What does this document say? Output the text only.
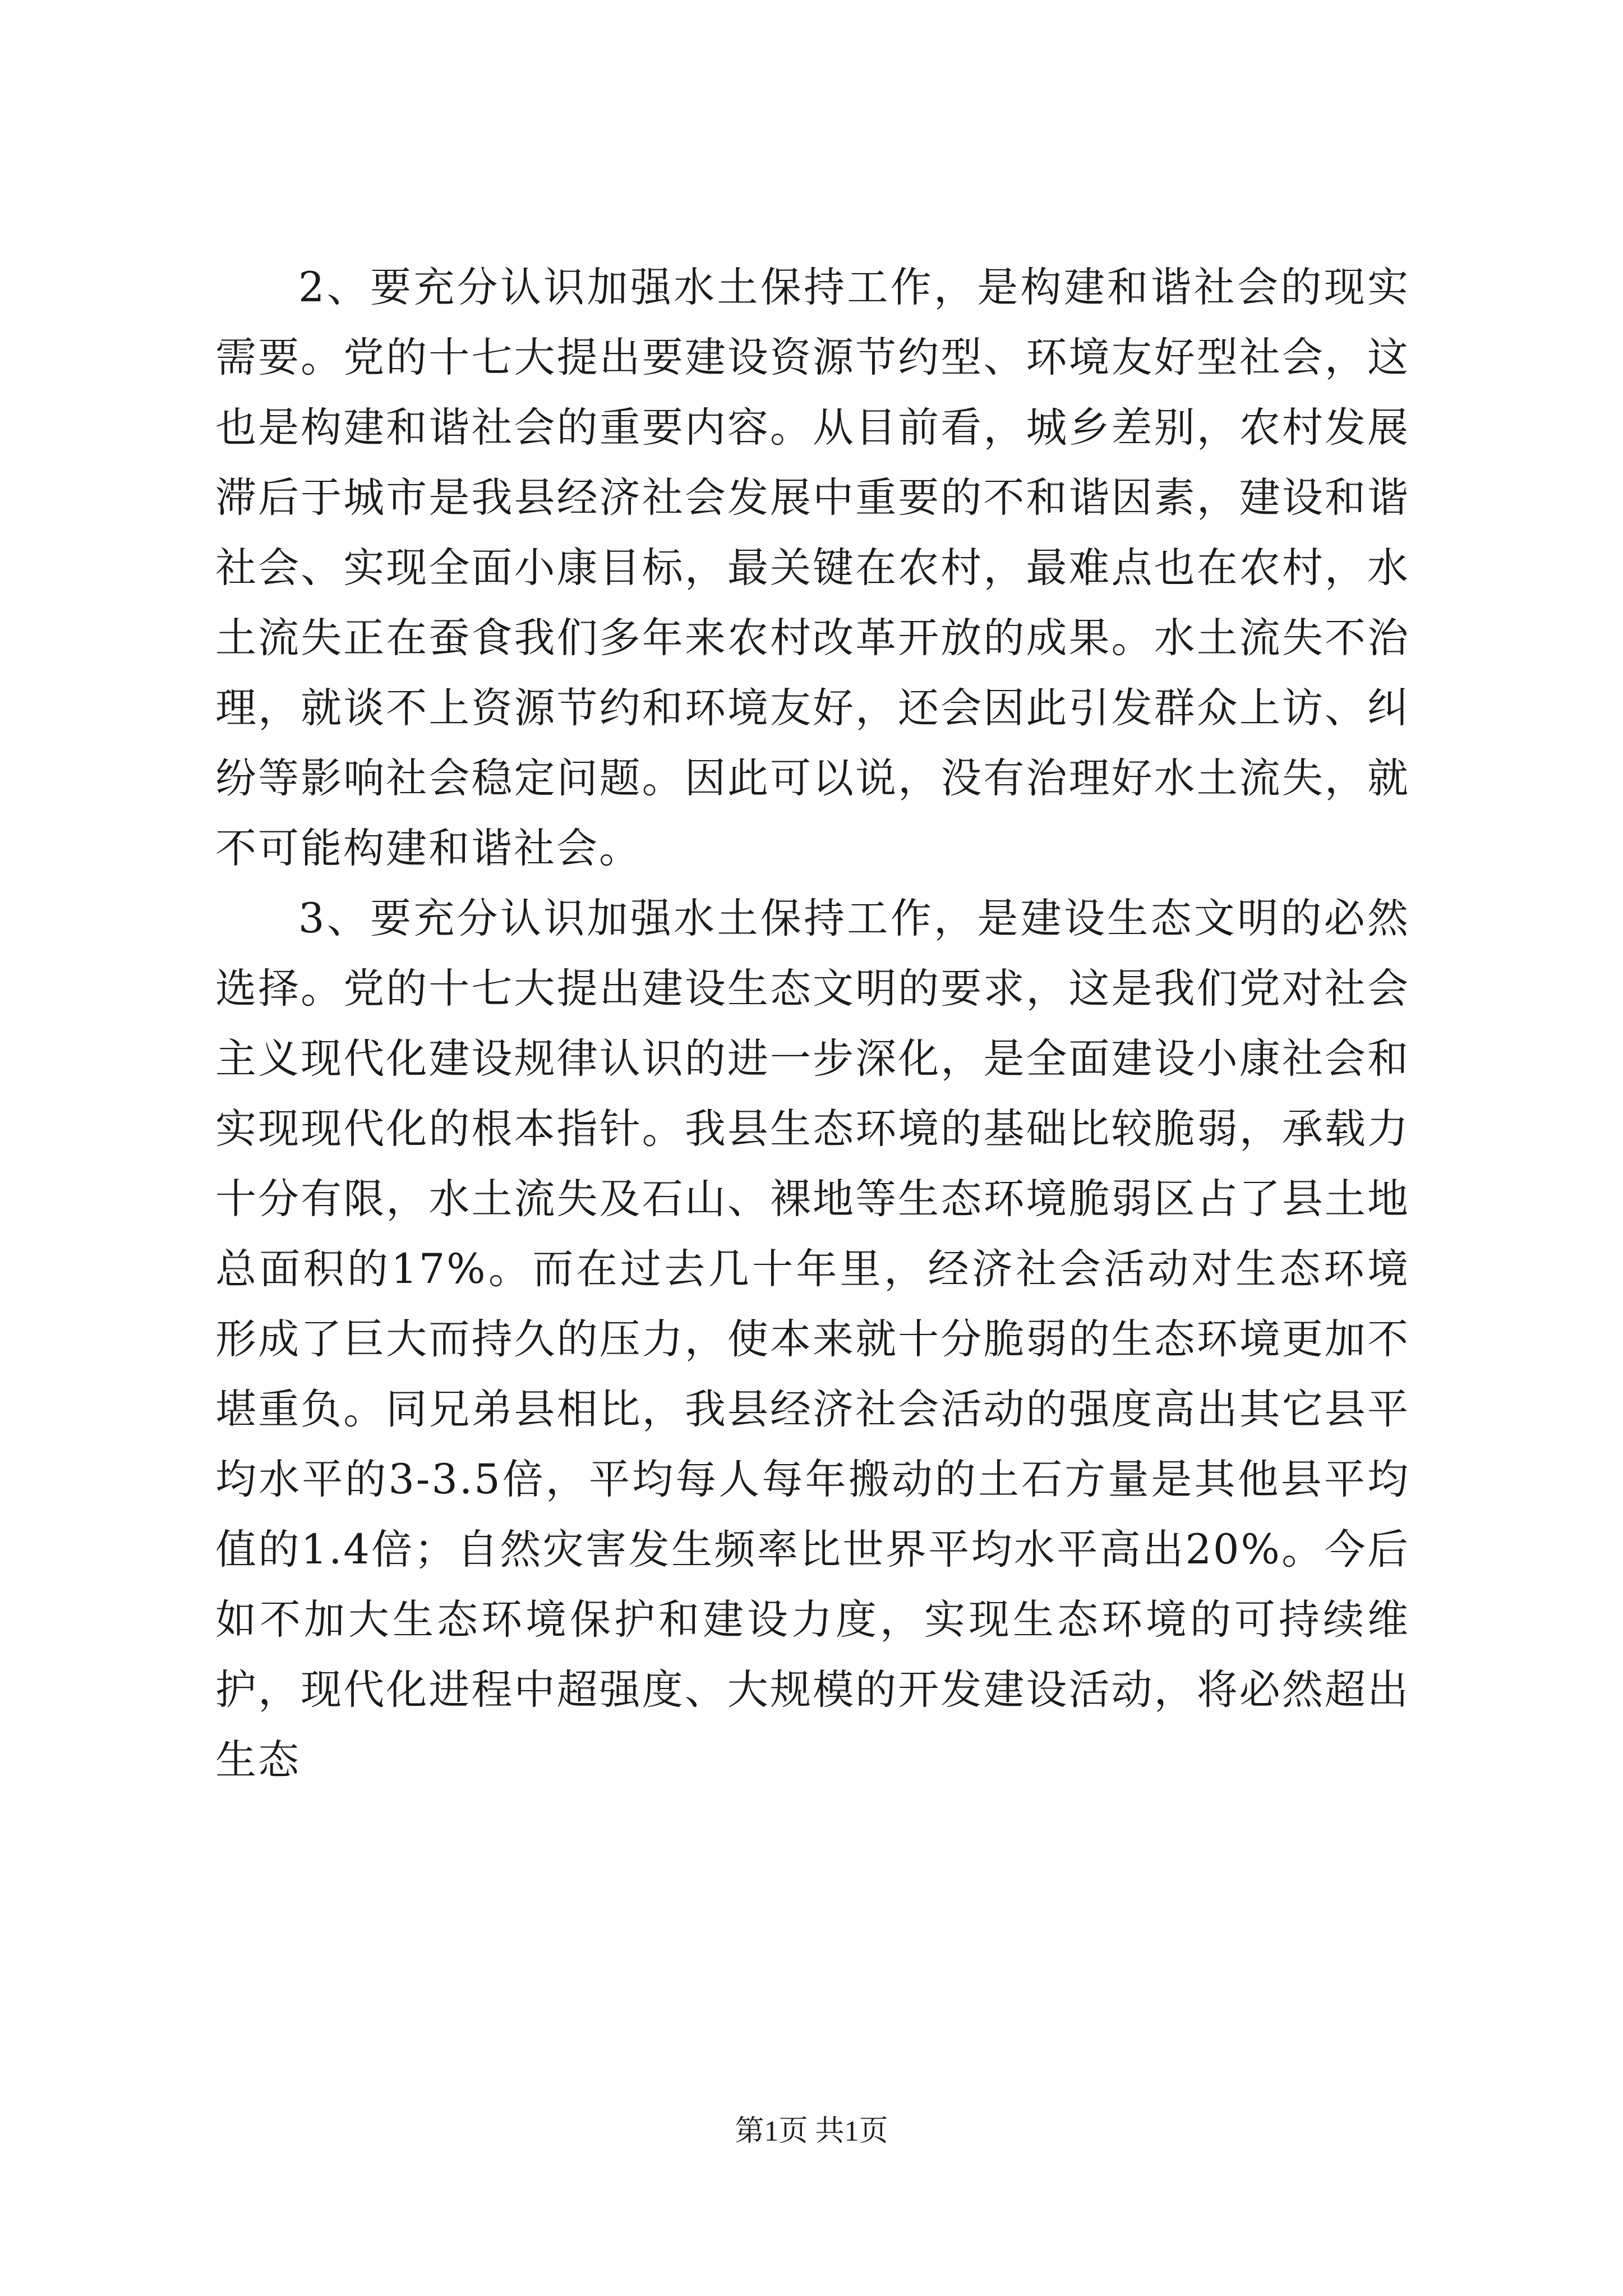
2、要充分认识加强水土保持工作，是构建和谐社会的现实需要。党的十七大提出要建设资源节约型、环境友好型社会，这也是构建和谐社会的重要内容。从目前看，城乡差别，农村发展滞后于城市是我县经济社会发展中重要的不和谐因素，建设和谐社会、实现全面小康目标，最关键在农村，最难点也在农村，水土流失正在蚕食我们多年来农村改革开放的成果。水土流失不治理，就谈不上资源节约和环境友好，还会因此引发群众上访、纠纷等影响社会稳定问题。因此可以说，没有治理好水土流失，就不可能构建和谐社会。

3、要充分认识加强水土保持工作，是建设生态文明的必然选择。党的十七大提出建设生态文明的要求，这是我们党对社会主义现代化建设规律认识的进一步深化，是全面建设小康社会和实现现代化的根本指针。我县生态环境的基础比较脆弱，承载力十分有限，水土流失及石山、裸地等生态环境脆弱区占了县土地总面积的17%。而在过去几十年里，经济社会活动对生态环境形成了巨大而持久的压力，使本来就十分脆弱的生态环境更加不堪重负。同兄弟县相比，我县经济社会活动的强度高出其它县平均水平的3-3.5倍，平均每人每年搬动的土石方量是其他县平均值的1.4倍；自然灾害发生频率比世界平均水平高出20%。今后如不加大生态环境保护和建设力度，实现生态环境的可持续维护，现代化进程中超强度、大规模的开发建设活动，将必然超出生态

第1页 共1页
